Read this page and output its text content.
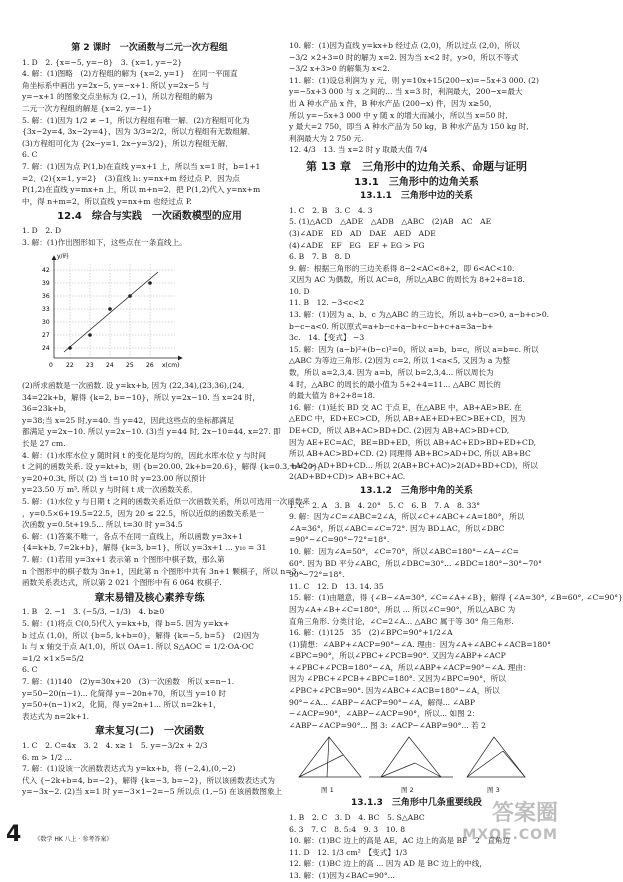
第 2 课时　一次函数与二元一次方程组
1. D　2. {x=−5, y=−8}　3. {x=1, y=−2}
4. 解：(1)图略　(2)方程组的解为 {x=2, y=1}　在同一平面直
角坐标系中画出 y=2x−5, y=−x+1. 所以 y=2x−5 与
y=−x+1 的图象交点坐标为 (2,−1)，所以方程组的解为
二元一次方程组的解是 {x=2, y=−1}
5. 解：(1)因为 1/2 ≠ −1，所以方程组有唯一解．(2)方程组可化为
{3x−2y=4, 3x−2y=4}，因为 3/3=2/2，所以方程组有无数组解．
(3)方程组可化为 {2x−y=1, 2x−y=3/2}，所以方程组无解．
6. C
7. 解：(1)因为点 P(1,b)在直线 y=x+1 上，所以当 x=1 时，b=1+1
=2．(2){x=1, y=2}　(3)直线 l₁: y=nx+m 经过点 P．因为点
P(1,2)在直线 y=mx+n 上，所以 m+n=2．把 P(1,2)代入 y=nx+m
中，得 n+m=2，所以直线 y=nx+m 也经过点 P.
12.4　综合与实践　一次函数模型的应用
1. D　2. D
3. 解：(1)作出图形如下，这些点在一条直线上。
y/码
x(cm)
42
39
36
33
30
27
24
0 22 23 24 25 26
(2)所求函数是一次函数. 设 y=kx+b, 因为 (22,34),(23,36),(24,
34=22k+b，解得 {k=2, b=−10}，所以 y=2x−10. 当 x=24 时，
36=23k+b，
y=38;当 x=25 时,y=40. 当 y=42，因此这些点的坐标都满足
都满足 y=2x−10. 所以 y=2x−10. (3)当 y=44 时, 2x−10=44, x=27. 即
长是 27 cm.
4. 解：(1)水库水位 y 随时间 t 的变化是均匀的，因此水库水位 y 与时间
t 之间的函数关系. 设 y=kt+b，则 {b=20.00, 2k+b=20.6}，解得 {k=0.3, b=20}，
y=20+0.3t, 所以 (2) 当 t=10 时 y=23.00 所以预计
y=23.50 万 m³. 所以 y 与时间 t 成一次函数关系．
5. 解：(1)水位 y 与日期 t 之间的函数关系近似一次函数关系，所以可选用一次函数来
，y=0.5×6+19.5=22.5，因为 20 ≤ 22.5，所以近似的函数关系是一
次函数 y=0.5t+19.5... 所以 t=30 时 y=34.5
6. 解：(1)答案不唯一，各点不在同一直线上，所以函数 y=3x+1
{4=k+b, 7=2k+b}，解得 {k=3, b=1}，所以 y=3x+1 ... y₁₀ = 31
7. 解：(1)若用 y=3x+1 表示第 n 个图形中棋子数，那么第
n 个图形中的棋子数为 3n+1，因此第 n 个图形中共有 3n+1 颗棋子，所以 n=3...
函数关系表达式，所以第 2 021 个图形中有 6 064 枚棋子.
章末易错及核心素养专练
1. B　2. −1　3. (−5/3, −1/3)　4. b≥0
5. 解：(1)将点 C(0,5)代入 y=kx+b，得 b=5. 因为 y=kx+
b 过点 (1,0)，所以 {b=5, k+b=0}，解得 {k=−5, b=5}　(2)因为
l₁ 与 x 轴交于点 A(1,0)，所以 OA=1. 所以 S△AOC = 1/2·OA·OC
=1/2 ×1×5=5/2
6. C
7. 解：(1)140　(2)y=30x+20　(3)一次函数　所以 x=n−1.
y=50−20(n−1)... 化简得 y=−20n+70，所以当 y=10 时
y=50+(n−1)×2，化简，得 y=2n+1... 所以 n=2k+1，
表达式为 n=2k+1.
章末复习(二)　一次函数
1. C　2. C=4x　3. 2　4. x≥ 1　5. y=−3/2x + 2/3
6. m > 1/2 ...
7. 解：(1)设该一次函数表达式为 y=kx+b，将 (−2,4),(0,−2)
代入 {−2k+b=4, b=−2}，解得 {k=−3, b=−2}，所以该函数表达式为
y=−3x−2. (2)当 x=1 时 y=−3×1−2=−5 所以点 (1,−5) 在该函数图象上
10. 解：(1)因为直线 y=kx+b 经过点 (2,0)，所以过点 (2,0)，所以
−3/2 ×2+3=0 时的解为 x=2. 因为当 x<2 时，y>0，所以不等式
−3/2 x+3>0 的解集为 x<2.
11. 解：(1)设总利润为 y 元，则 y=10x+15(200−x)=−5x+3 000. (2)
y=−5x+3 000 与 x 之间的... 当 x=3 时，利润最大，200−x=最大
出 A 种水产品 x 件，B 种水产品 (200−x) 件，因为 x≥50，
所以 y=−5x+3 000 中 y 随 x 的增大而减小，所以当 x=50 时,
y 最大=2 750，即当 A 种水产品为 50 kg，B 种水产品为 150 kg 时,
利润最大为 2 750 元.
12. 4/3　13. 当 x=2 时 y 取最大值 7/4
第 13 章　三角形中的边角关系、命题与证明
13.1　三角形中的边角关系
13.1.1　三角形中边的关系
1. C　2. B　3. C　4. 3
5. (1)△ACD　△ADE　△ADB　△ABC　(2)AB　AC　AE
(3)∠ADE　ED　AD　DAE　AED　ADE
(4)∠ADE　EF　EG　EF + EG > FG
6. B　7. B　8. D
9. 解：根据三角形的三边关系得 8−2<AC<8+2，即 6<AC<10.
又因为 AC 为偶数，所以 AC=8，所以△ABC 的周长为 8+2+8=18.
10. D
11. B　12. −3<c<2
13. 解：(1)因为 a、b、c 为△ABC 的三边长，所以 a+b−c>0, a−b+c>0.
b−c−a<0. 所以原式=a+b−c+a−b+c−b+c+a=3a−b+
3c.　14.【变式】 −3
15. 解：因为 (a−b)²+(b−c)²=0，所以 a=b，b=c，所以 a=b=c. 所以
△ABC 为等边三角形. (2)因为 c=2, 所以 1<a<5, 又因为 a 为整
数，所以 a=2,3,4. 因为 a=b，所以 b=2,3,4... 所以周长为
4 时，△ABC 的周长的最小值为 5+2+4=11... △ABC 周长的
的最大值为 8+2+8=18.
16. 解：(1)延长 BD 交 AC 于点 E，在△ABE 中，AB+AE>BE. 在
△EDC 中，ED+EC>CD，所以 AB+AE+ED+EC>BE+CD，因为
DE+CD，所以 AB+AC>BD+DC. (2)因为 AB+AC>BD+CD,
因为 AE+EC=AC，BE=BD+ED，所以 AB+AC+ED>BD+ED+CD,
所以 AB+AC>BD+CD. (2) 同理得 AB+BC>AD+DC, 所以 AB+BC
+AC > AD+BD+CD... 所以 2(AB+BC+AC)>2(AD+BD+CD)，所以
2(AD+BD+CD)> AB+BC+AC.
13.1.2　三角形中角的关系
1. C　2. A　3. B　4. 20°　5. C　6. B　7. A　8. 33°
9. 解：因为∠C=∠ABC=2∠A，所以∠C+∠ABC+∠A=180°，所以
∠A=36°，所以∠ABC=∠C=72°. 因为 BD⊥AC，所以∠DBC
=90°−∠C=90°−72°=18°.
10. 解：因为∠A=50°，∠C=70°，所以∠ABC=180°−∠A−∠C=
60°. 因为 BD 平分∠ABC，所以∠DBC=30°... ∠BDC=180°−30°−70°
90°−72°=18°.
11. C　12. D　13. 14. 35
15. 解：(1)由题意，得 {∠B−∠A=30°, ∠C=∠A+∠B}，解得 {∠A=30°, ∠B=60°, ∠C=90°}
因为∠A+∠B+∠C=180°，所以 ... 所以∠C=90°，所以△ABC 为
直角三角形. 分类讨论，∠C=2∠A... △ABC 属于等 30° 角三角形.
16. 解：(1)125　35　(2)∠BPC=90°+1/2∠A
(1)猜想：∠ABP+∠ACP=90°−∠A. 理由：因为∠A+∠ABC+∠ACB=180°
∠BPC=90°，所以∠PBC+∠PCB=90°. 又因为∠ABP+∠ACP
+∠PBC+∠PCB=180°−∠A，所以∠ABP+∠ACP=90°−∠A. 理由：
因为 ∠PBC+∠PCB+∠BPC=180°. 又因为∠BPC=90°，所以
∠PBC+∠PCB=90°. 因为∠ABC+∠ACB=180°−∠A，所以
90°−∠A... ∠ABP−∠ACP=90°−∠A，解得... ∠ABP
−∠ACP=90°，∠ABP−∠ACP=90°，所以... 如图 2：
∠ABP−∠ACP=90°... 图 3: ∠ACP−∠ABP=90°... 若 2
图 1	图 2	图 3
13.1.3　三角形中几条重要线段
1. B　2. C　3. D　4. BC　5. S△ABC
6. 3　7. C　8. 5:4　9. 3　10. 8
10. 解：(1)BC 边上的高是 AE，AC 边上的高是 BF　2　直角边
11. D　12. 1/3 cm²　【变式】1/3
12. 解：(1)BC 边上的高 ... 因为 AD 是 BC 边上的中线，
13. 解：(1)因为∠BAC=90°...
4 《数学 HK 八上 · 参考答案》
答案圈
MXQE.COM
